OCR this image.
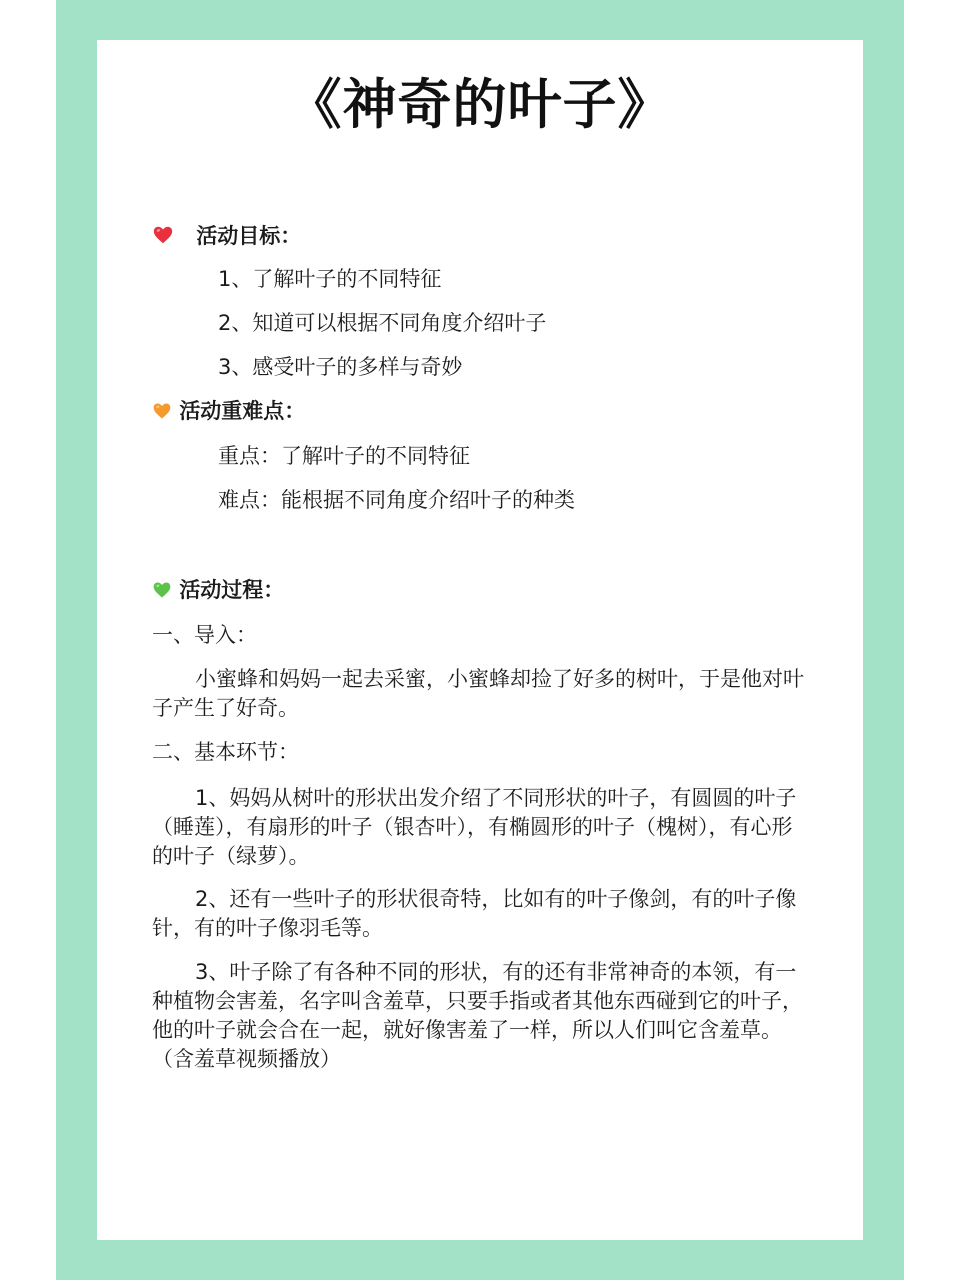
《神奇的叶子》
活动目标：
1、了解叶子的不同特征
2、知道可以根据不同角度介绍叶子
3、感受叶子的多样与奇妙
活动重难点：
重点：了解叶子的不同特征
难点：能根据不同角度介绍叶子的种类
活动过程：
一、导入：

小蜜蜂和妈妈一起去采蜜，小蜜蜂却捡了好多的树叶，于是他对叶子产生了好奇。

二、基本环节：

1、妈妈从树叶的形状出发介绍了不同形状的叶子，有圆圆的叶子（睡莲），有扇形的叶子（银杏叶），有椭圆形的叶子（槐树），有心形的叶子（绿萝）。

2、还有一些叶子的形状很奇特，比如有的叶子像剑，有的叶子像针，有的叶子像羽毛等。

3、叶子除了有各种不同的形状，有的还有非常神奇的本领，有一种植物会害羞，名字叫含羞草，只要手指或者其他东西碰到它的叶子，他的叶子就会合在一起，就好像害羞了一样，所以人们叫它含羞草。（含羞草视频播放）
